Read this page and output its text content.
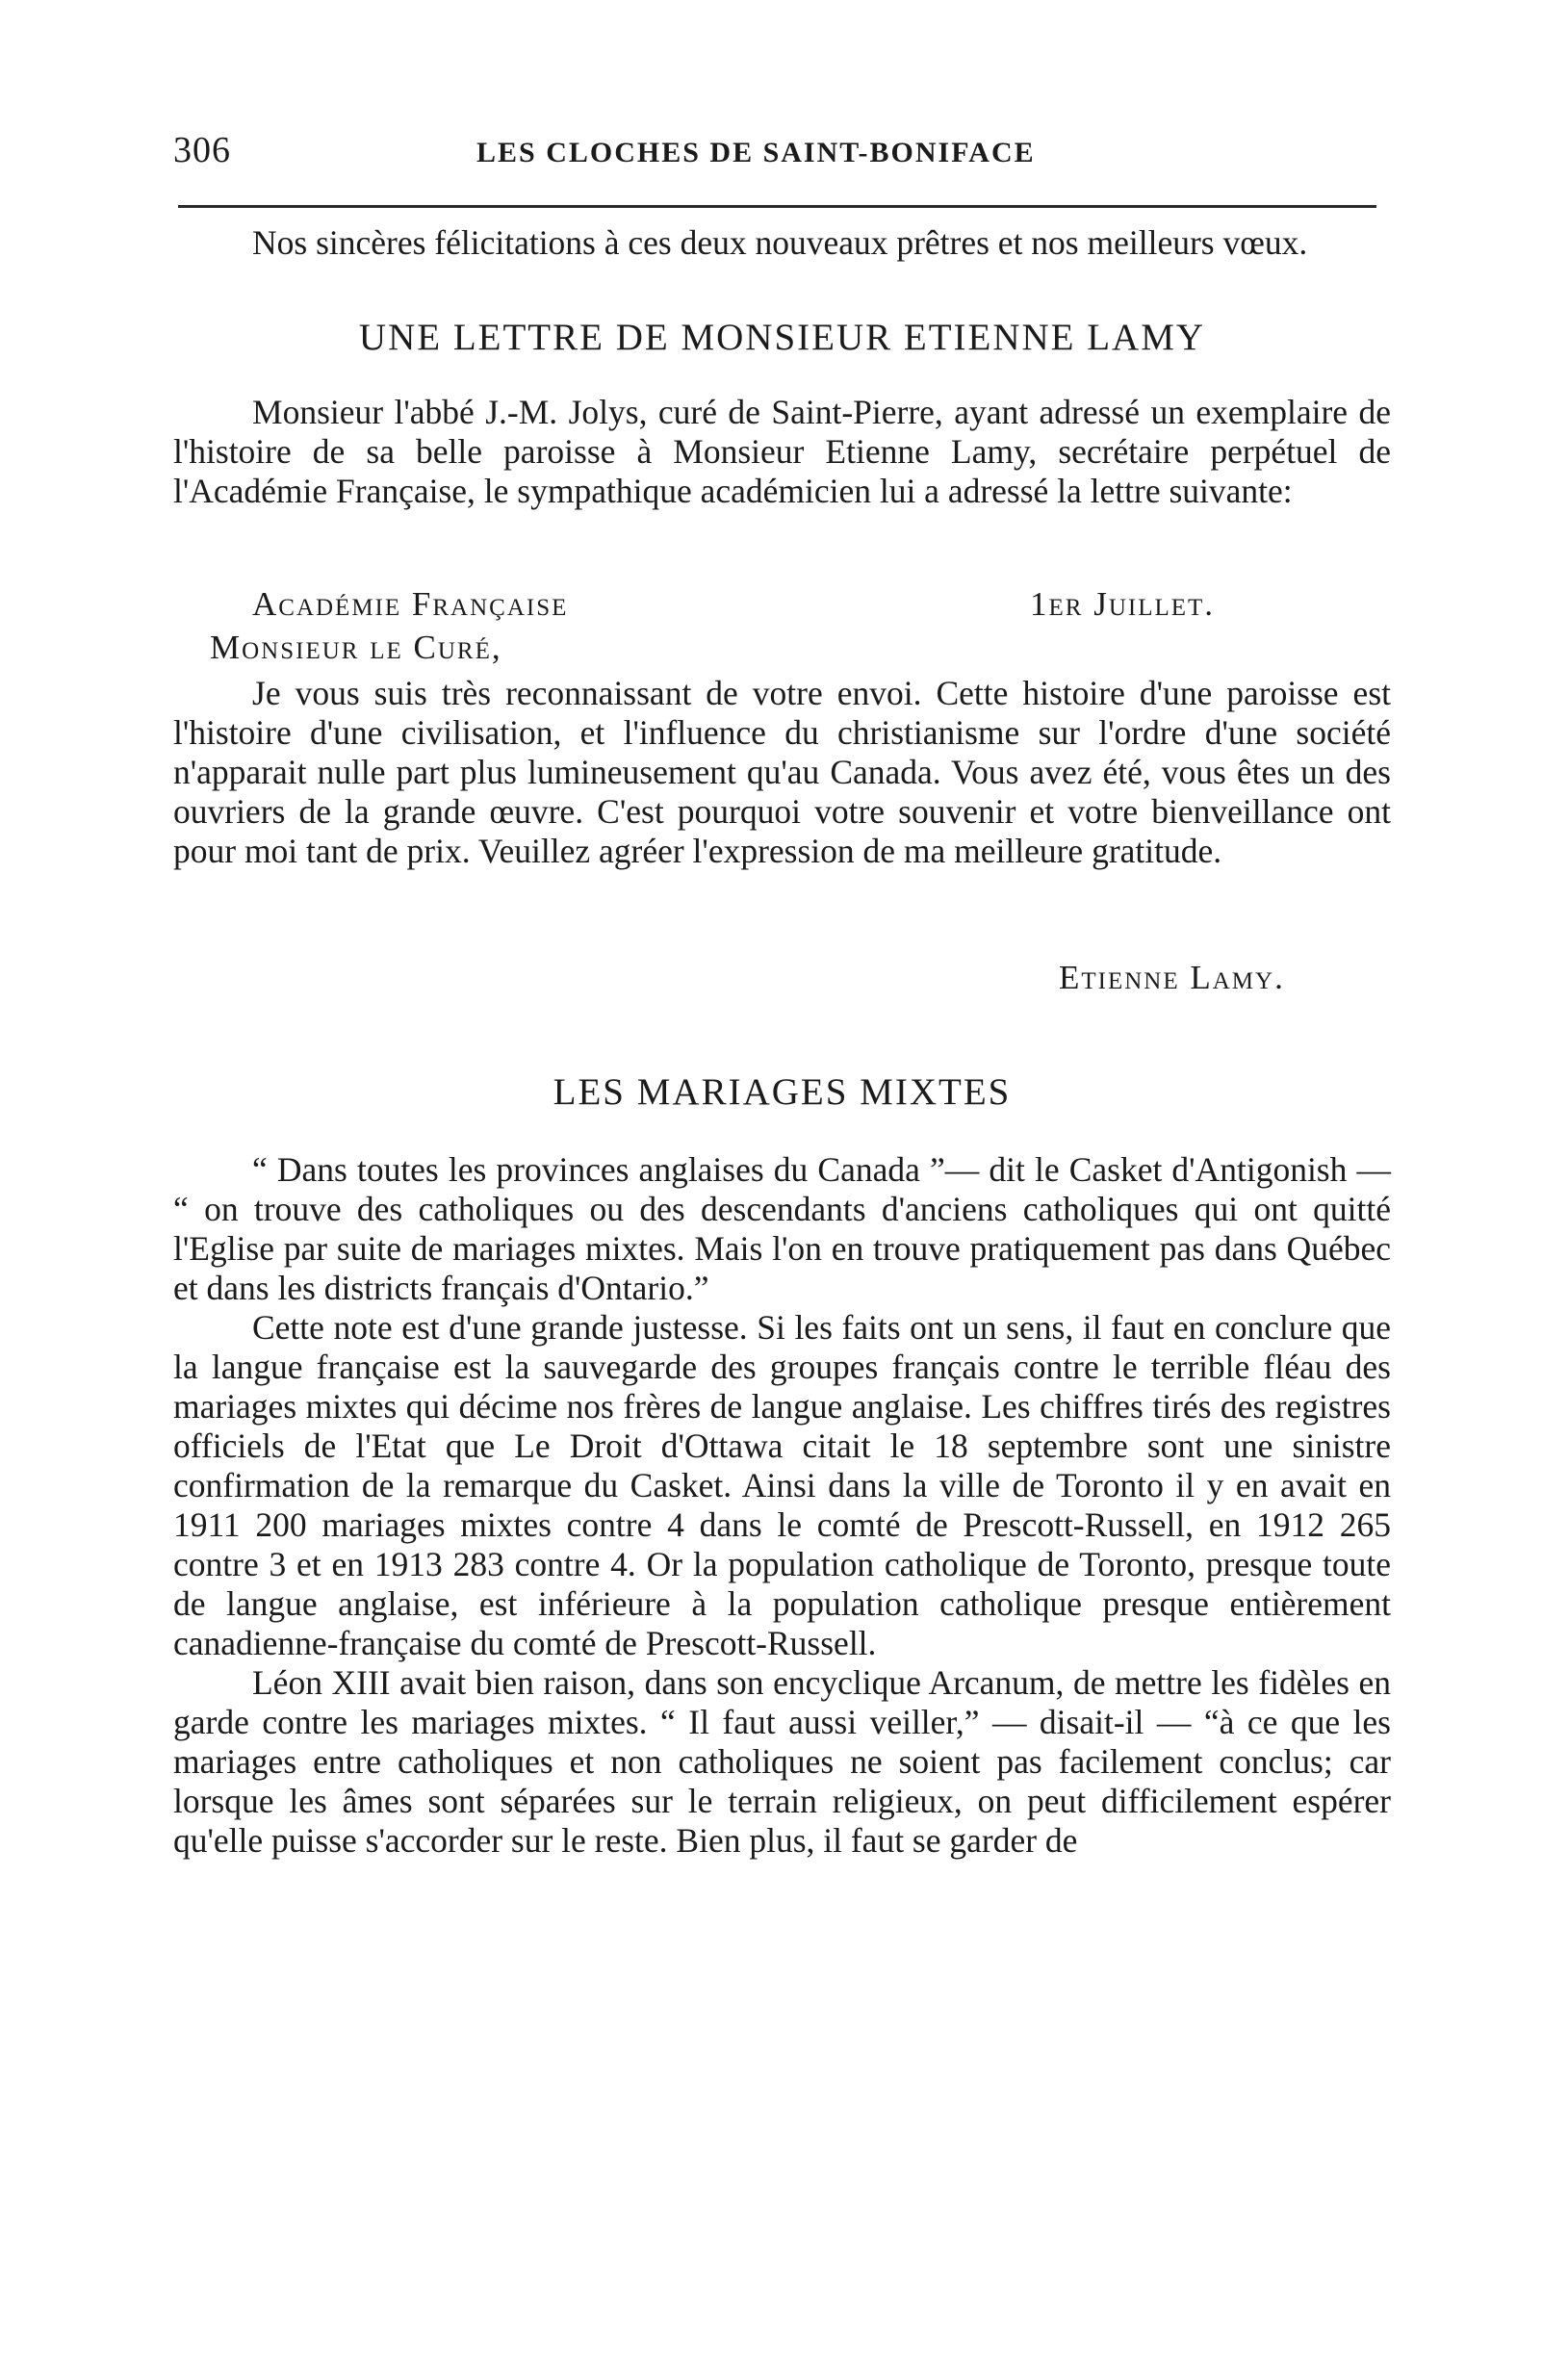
306	LES CLOCHES DE SAINT-BONIFACE

Nos sincères félicitations à ces deux nouveaux prêtres et nos meilleurs vœux.

UNE LETTRE DE MONSIEUR ETIENNE LAMY

Monsieur l'abbé J.-M. Jolys, curé de Saint-Pierre, ayant adressé un exemplaire de l'histoire de sa belle paroisse à Monsieur Etienne Lamy, secrétaire perpétuel de l'Académie Française, le sympathique académicien lui a adressé la lettre suivante:

Académie Française	1er Juillet.
Monsieur le Curé,

Je vous suis très reconnaissant de votre envoi. Cette histoire d'une paroisse est l'histoire d'une civilisation, et l'influence du christianisme sur l'ordre d'une société n'apparait nulle part plus lumineusement qu'au Canada. Vous avez été, vous êtes un des ouvriers de la grande œuvre. C'est pourquoi votre souvenir et votre bienveillance ont pour moi tant de prix. Veuillez agréer l'expression de ma meilleure gratitude.

Etienne Lamy.
LES MARIAGES MIXTES

“ Dans toutes les provinces anglaises du Canada ”— dit le Casket d'Antigonish — “ on trouve des catholiques ou des descendants d'anciens catholiques qui ont quitté l'Eglise par suite de mariages mixtes. Mais l'on en trouve pratiquement pas dans Québec et dans les districts français d'Ontario.”

Cette note est d'une grande justesse. Si les faits ont un sens, il faut en conclure que la langue française est la sauvegarde des groupes français contre le terrible fléau des mariages mixtes qui décime nos frères de langue anglaise. Les chiffres tirés des registres officiels de l'Etat que Le Droit d'Ottawa citait le 18 septembre sont une sinistre confirmation de la remarque du Casket. Ainsi dans la ville de Toronto il y en avait en 1911 200 mariages mixtes contre 4 dans le comté de Prescott-Russell, en 1912 265 contre 3 et en 1913 283 contre 4. Or la population catholique de Toronto, presque toute de langue anglaise, est inférieure à la population catholique presque entièrement canadienne-française du comté de Prescott-Russell.

Léon XIII avait bien raison, dans son encyclique Arcanum, de mettre les fidèles en garde contre les mariages mixtes. “ Il faut aussi veiller,” — disait-il — “à ce que les mariages entre catholiques et non catholiques ne soient pas facilement conclus; car lorsque les âmes sont séparées sur le terrain religieux, on peut difficilement espérer qu'elle puisse s'accorder sur le reste. Bien plus, il faut se garder de
